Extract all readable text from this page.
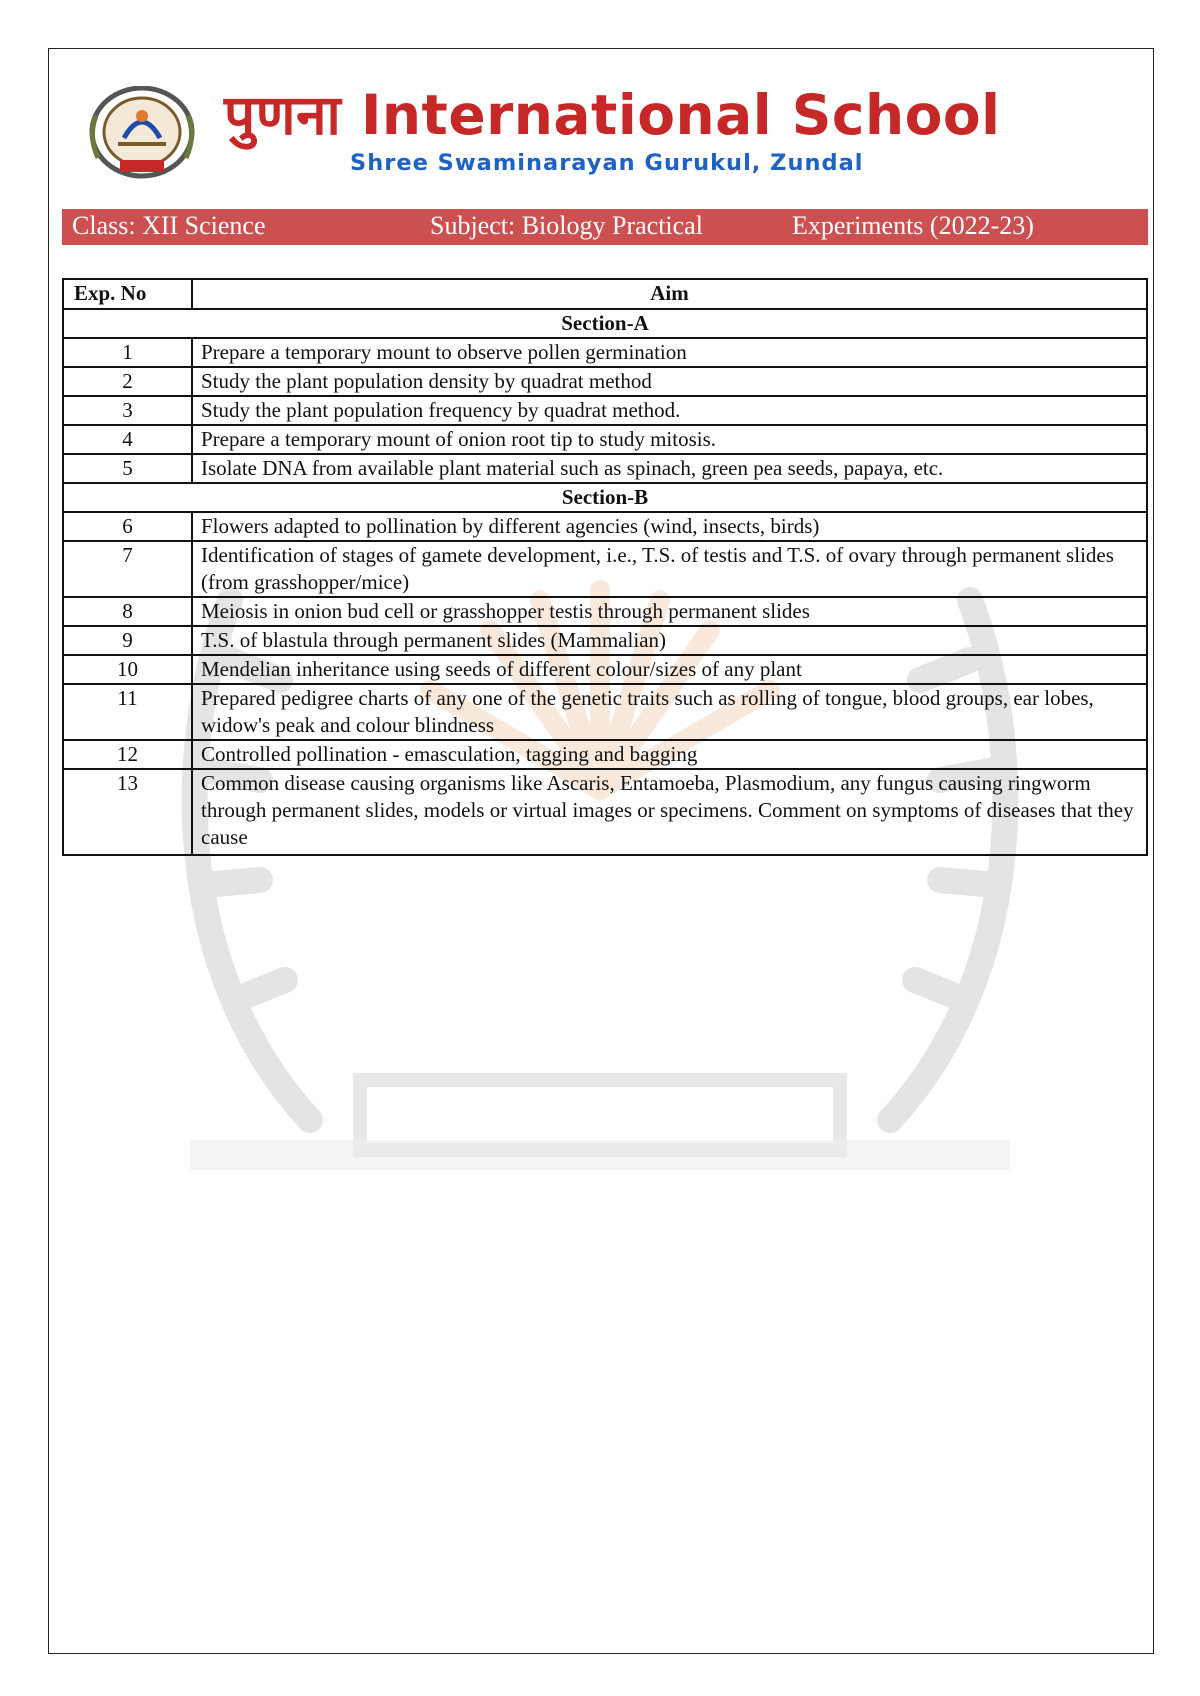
पुणना International School
Shree Swaminarayan Gurukul, Zundal
Class: XII Science	Subject: Biology Practical	Experiments (2022-23)
Exp. No	Aim
Section-A	
1	Prepare a temporary mount to observe pollen germination
2	Study the plant population density by quadrat method
3	Study the plant population frequency by quadrat method.
4	Prepare a temporary mount of onion root tip to study mitosis.
5	Isolate DNA from available plant material such as spinach, green pea seeds, papaya, etc.
Section-B	
6	Flowers adapted to pollination by different agencies (wind, insects, birds)
7	Identification of stages of gamete development, i.e., T.S. of testis and T.S. of ovary through permanent slides (from grasshopper/mice)
8	Meiosis in onion bud cell or grasshopper testis through permanent slides
9	T.S. of blastula through permanent slides (Mammalian)
10	Mendelian inheritance using seeds of different colour/sizes of any plant
11	Prepared pedigree charts of any one of the genetic traits such as rolling of tongue, blood groups, ear lobes, widow's peak and colour blindness
12	Controlled pollination - emasculation, tagging and bagging
13	Common disease causing organisms like Ascaris, Entamoeba, Plasmodium, any fungus causing ringworm through permanent slides, models or virtual images or specimens. Comment on symptoms of diseases that they cause
